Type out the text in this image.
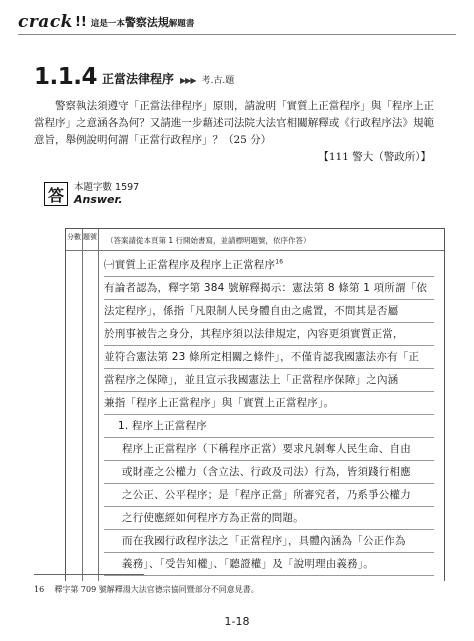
crack !! 這是一本警察法規解題書
1.1.4 正當法律程序 ▶▶▶ 考.古.題

警察執法須遵守「正當法律程序」原則，請說明「實質上正當程序」與「程序上正當程序」之意涵各為何？又請進一步藉述司法院大法官相關解釋或《行政程序法》規範意旨，舉例說明何謂「正當行政程序」？（25 分）

【111 警大（警政所）】
答	本題字數 1597
Answer.
分數 題號 （答案請從本頁第 1 行開始書寫，並請標明題號，依序作答）
㈠實質上正當程序及程序上正當程序$^{16}$
有論者認為，釋字第 384 號解釋揭示：憲法第 8 條第 1 項所謂「依
法定程序」，係指「凡限制人民身體自由之處置，不問其是否屬
於刑事被告之身分，其程序須以法律規定，內容更須實質正當，
並符合憲法第 23 條所定相關之條件」，不僅肯認我國憲法亦有「正
當程序之保障」，並且宣示我國憲法上「正當程序保障」之內涵
兼指「程序上正當程序」與「實質上正當程序」。
1. 程序上正當程序
程序上正當程序（下稱程序正當）要求凡剝奪人民生命、自由
或財產之公權力（含立法、行政及司法）行為，皆須踐行相應
之公正、公平程序；是「程序正當」所審究者，乃系爭公權力
之行使應經如何程序方為正當的問題。
而在我國行政程序法之「正當程序」，具體內涵為「公正作為
義務」、「受告知權」、「聽證權」及「說明理由義務」。
16 釋字第 709 號解釋湯大法官德宗協同暨部分不同意見書。
1-18
